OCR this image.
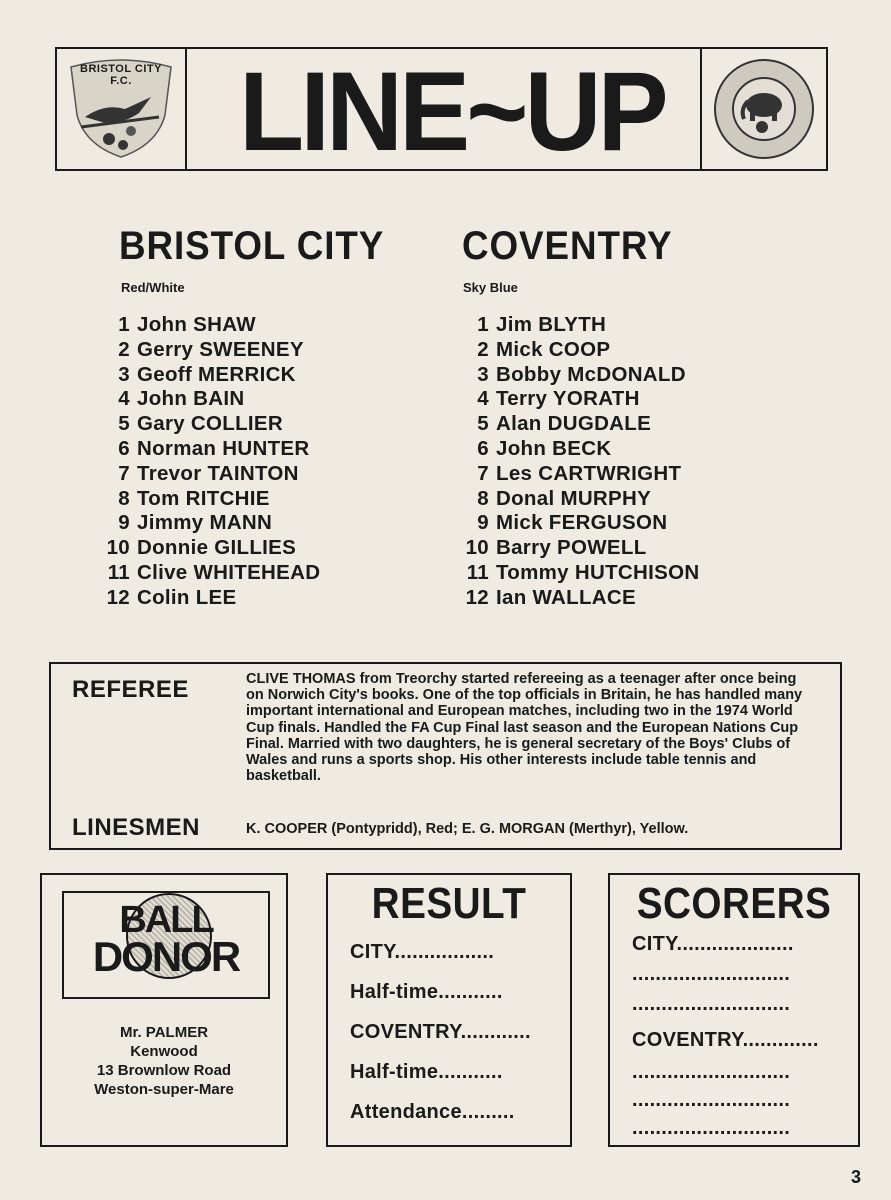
BRISTOL CITY F.C. LINE~UP
BRISTOL CITY
Red/White
1 John SHAW
2 Gerry SWEENEY
3 Geoff MERRICK
4 John BAIN
5 Gary COLLIER
6 Norman HUNTER
7 Trevor TAINTON
8 Tom RITCHIE
9 Jimmy MANN
10 Donnie GILLIES
11 Clive WHITEHEAD
12 Colin LEE
COVENTRY
Sky Blue
1 Jim BLYTH
2 Mick COOP
3 Bobby McDONALD
4 Terry YORATH
5 Alan DUGDALE
6 John BECK
7 Les CARTWRIGHT
8 Donal MURPHY
9 Mick FERGUSON
10 Barry POWELL
11 Tommy HUTCHISON
12 Ian WALLACE
REFEREE	CLIVE THOMAS from Treorchy started refereeing as a teenager after once being on Norwich City's books. One of the top officials in Britain, he has handled many important international and European matches, including two in the 1974 World Cup finals. Handled the FA Cup Final last season and the European Nations Cup Final. Married with two daughters, he is general secretary of the Boys' Clubs of Wales and runs a sports shop. His other interests include table tennis and basketball.
LINESMEN	K. COOPER (Pontypridd), Red; E. G. MORGAN (Merthyr), Yellow.
BALL
DONOR
Mr. PALMER
Kenwood
13 Brownlow Road
Weston-super-Mare
RESULT
CITY.................
Half-time...........
COVENTRY............
Half-time...........
Attendance.........
SCORERS
CITY....................
...........................
...........................
COVENTRY.............
...........................
...........................
...........................
3
